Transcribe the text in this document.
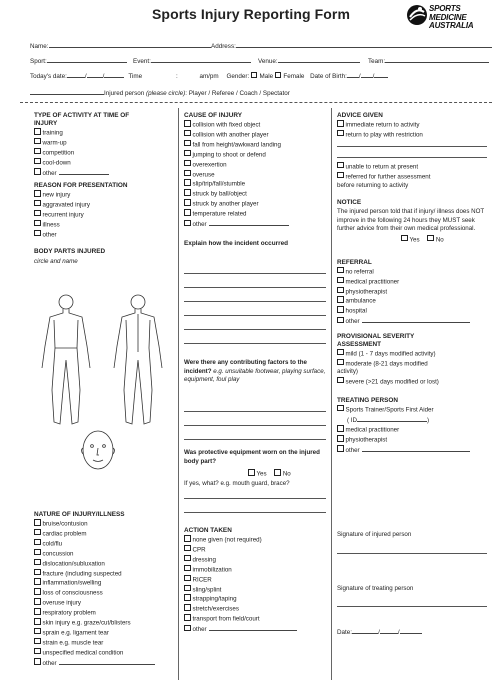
Sports Injury Reporting Form	SPORTS
MEDICINE
AUSTRALIA
Name:	Address:
Sport:	Event:	Venue:	Team:
Today's date:	/	/	Time	:	am/pm Gender: Male Female Date of Birth: / /
Injured person (please circle): Player / Referee / Coach / Spectator
TYPE OF ACTIVITY AT TIME OF
INJURY
training
warm-up
competition
cool-down
other
REASON FOR PRESENTATION
new injury
aggravated injury
recurrent injury
illness
other
BODY PARTS INJURED
circle and name
NATURE OF INJURY/ILLNESS
bruise/contusion
cardiac problem
cold/flu
concussion
dislocation/subluxation
fracture (including suspected
inflammation/swelling
loss of consciousness
overuse injury
respiratory problem
skin injury e.g. graze/cut/blisters
sprain e.g. ligament tear
strain e.g. muscle tear
unspecified medical condition
other
CAUSE OF INJURY
collision with fixed object
collision with another player
fall from height/awkward landing
jumping to shoot or defend
overexertion
overuse
slip/trip/fall/stumble
struck by ball/object
struck by another player
temperature related
other
Explain how the incident occurred
Were there any contributing factors to the incident? e.g. unsuitable footwear, playing surface, equipment, foul play
Was protective equipment worn on the injured body part?
Yes	No
If yes, what? e.g. mouth guard, brace?
ACTION TAKEN
none given (not required)
CPR
dressing
immobilization
RICER
sling/splint
strapping/taping
stretch/exercises
transport from field/court
other
ADVICE GIVEN
immediate return to activity
return to play with restriction
unable to return at present
referred for further assessment
before returning to activity
NOTICE
The injured person told that if injury/ illness does NOT improve in the following 24 hours they MUST seek further advice from their own medical professional.
Yes	No
REFERRAL
no referral
medical practitioner
physiotherapist
ambulance
hospital
other
PROVISIONAL SEVERITY
ASSESSMENT
mild (1 - 7 days modified activity)
moderate (8-21 days modified
activity)
severe (>21 days modified or lost)
TREATING PERSON
Sports Trainer/Sports First Aider
( ID	)
medical practitioner
physiotherapist
other
Signature of injured person
Signature of treating person
Date:	/	/
